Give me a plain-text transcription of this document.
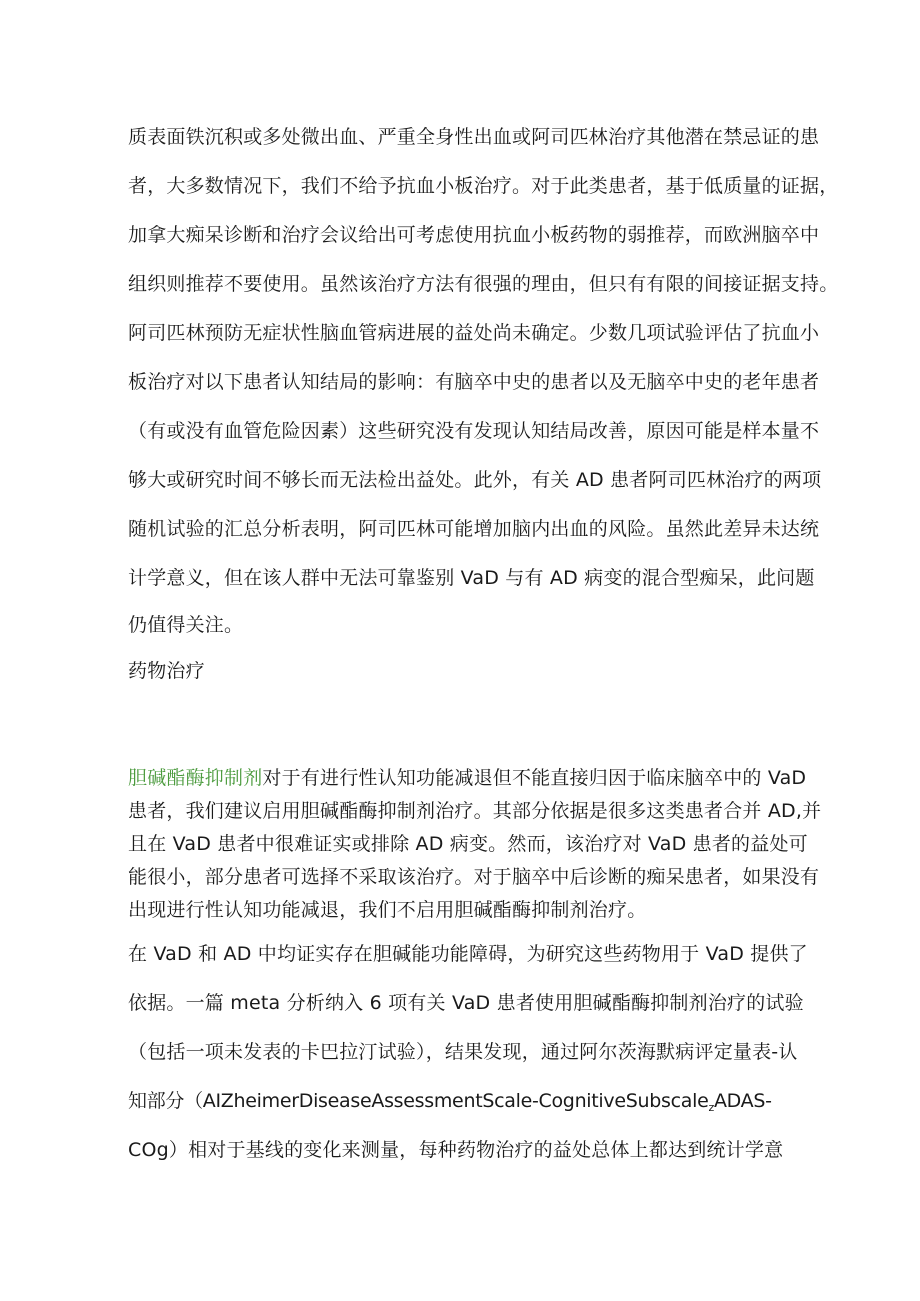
质表面铁沉积或多处微出血、严重全身性出血或阿司匹林治疗其他潜在禁忌证的患
者，大多数情况下，我们不给予抗血小板治疗。对于此类患者，基于低质量的证据，
加拿大痴呆诊断和治疗会议给出可考虑使用抗血小板药物的弱推荐，而欧洲脑卒中
组织则推荐不要使用。虽然该治疗方法有很强的理由，但只有有限的间接证据支持。
阿司匹林预防无症状性脑血管病进展的益处尚未确定。少数几项试验评估了抗血小
板治疗对以下患者认知结局的影响：有脑卒中史的患者以及无脑卒中史的老年患者
（有或没有血管危险因素）这些研究没有发现认知结局改善，原因可能是样本量不
够大或研究时间不够长而无法检出益处。此外，有关 AD 患者阿司匹林治疗的两项
随机试验的汇总分析表明，阿司匹林可能增加脑内出血的风险。虽然此差异未达统
计学意义，但在该人群中无法可靠鉴别 VaD 与有 AD 病变的混合型痴呆，此问题
仍值得关注。
药物治疗
胆碱酯酶抑制剂对于有进行性认知功能减退但不能直接归因于临床脑卒中的 VaD
患者，我们建议启用胆碱酯酶抑制剂治疗。其部分依据是很多这类患者合并 AD,并
且在 VaD 患者中很难证实或排除 AD 病变。然而，该治疗对 VaD 患者的益处可
能很小，部分患者可选择不采取该治疗。对于脑卒中后诊断的痴呆患者，如果没有
出现进行性认知功能减退，我们不启用胆碱酯酶抑制剂治疗。
在 VaD 和 AD 中均证实存在胆碱能功能障碍，为研究这些药物用于 VaD 提供了
依据。一篇 meta 分析纳入 6 项有关 VaD 患者使用胆碱酯酶抑制剂治疗的试验
（包括一项未发表的卡巴拉汀试验），结果发现，通过阿尔茨海默病评定量表-认
知部分（AIZheimerDiseaseAssessmentScale-CognitiveSubscale$_z$ADAS-
COg）相对于基线的变化来测量，每种药物治疗的益处总体上都达到统计学意
